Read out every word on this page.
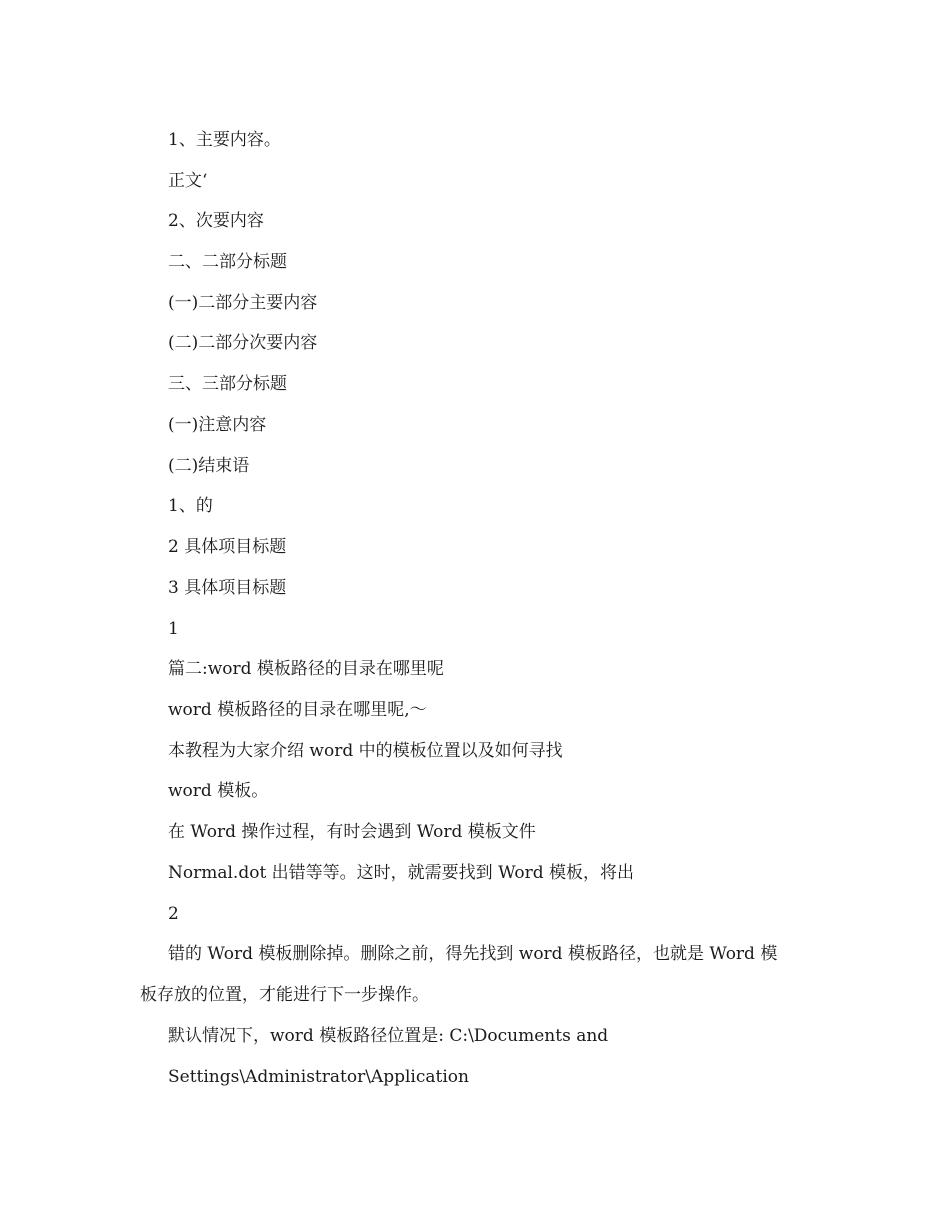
1、主要内容。
正文‘
2、次要内容
二、二部分标题
(一)二部分主要内容
(二)二部分次要内容
三、三部分标题
(一)注意内容
(二)结束语
1、的
2 具体项目标题
3 具体项目标题
1
篇二:word 模板路径的目录在哪里呢
word 模板路径的目录在哪里呢,～
本教程为大家介绍 word 中的模板位置以及如何寻找
word 模板。
在 Word 操作过程，有时会遇到 Word 模板文件
Normal.dot 出错等等。这时，就需要找到 Word 模板，将出
2
错的 Word 模板删除掉。删除之前，得先找到 word 模板路径，也就是 Word 模
板存放的位置，才能进行下一步操作。
默认情况下，word 模板路径位置是: C:\Documents and
Settings\Administrator\Application
